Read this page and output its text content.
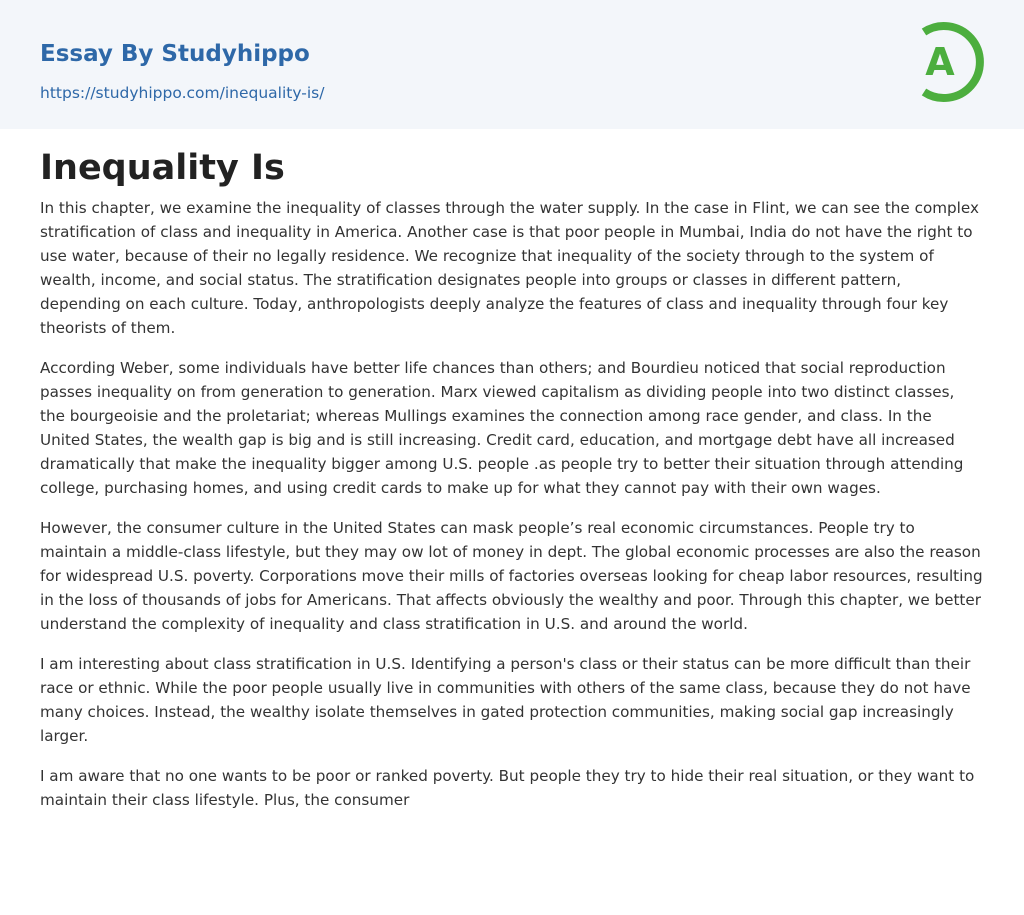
Essay By Studyhippo
https://studyhippo.com/inequality-is/
A
Inequality Is

In this chapter, we examine the inequality of classes through the water supply. In the case in Flint, we can see the complex stratification of class and inequality in America. Another case is that poor people in Mumbai, India do not have the right to use water, because of their no legally residence. We recognize that inequality of the society through to the system of wealth, income, and social status. The stratification designates people into groups or classes in different pattern, depending on each culture. Today, anthropologists deeply analyze the features of class and inequality through four key theorists of them.

According Weber, some individuals have better life chances than others; and Bourdieu noticed that social reproduction passes inequality on from generation to generation. Marx viewed capitalism as dividing people into two distinct classes, the bourgeoisie and the proletariat; whereas Mullings examines the connection among race gender, and class. In the United States, the wealth gap is big and is still increasing. Credit card, education, and mortgage debt have all increased dramatically that make the inequality bigger among U.S. people .as people try to better their situation through attending college, purchasing homes, and using credit cards to make up for what they cannot pay with their own wages.

However, the consumer culture in the United States can mask people’s real economic circumstances. People try to maintain a middle-class lifestyle, but they may ow lot of money in dept. The global economic processes are also the reason for widespread U.S. poverty. Corporations move their mills of factories overseas looking for cheap labor resources, resulting in the loss of thousands of jobs for Americans. That affects obviously the wealthy and poor. Through this chapter, we better understand the complexity of inequality and class stratification in U.S. and around the world.

I am interesting about class stratification in U.S. Identifying a person's class or their status can be more difficult than their race or ethnic. While the poor people usually live in communities with others of the same class, because they do not have many choices. Instead, the wealthy isolate themselves in gated protection communities, making social gap increasingly larger.

I am aware that no one wants to be poor or ranked poverty. But people they try to hide their real situation, or they want to maintain their class lifestyle. Plus, the consumer
